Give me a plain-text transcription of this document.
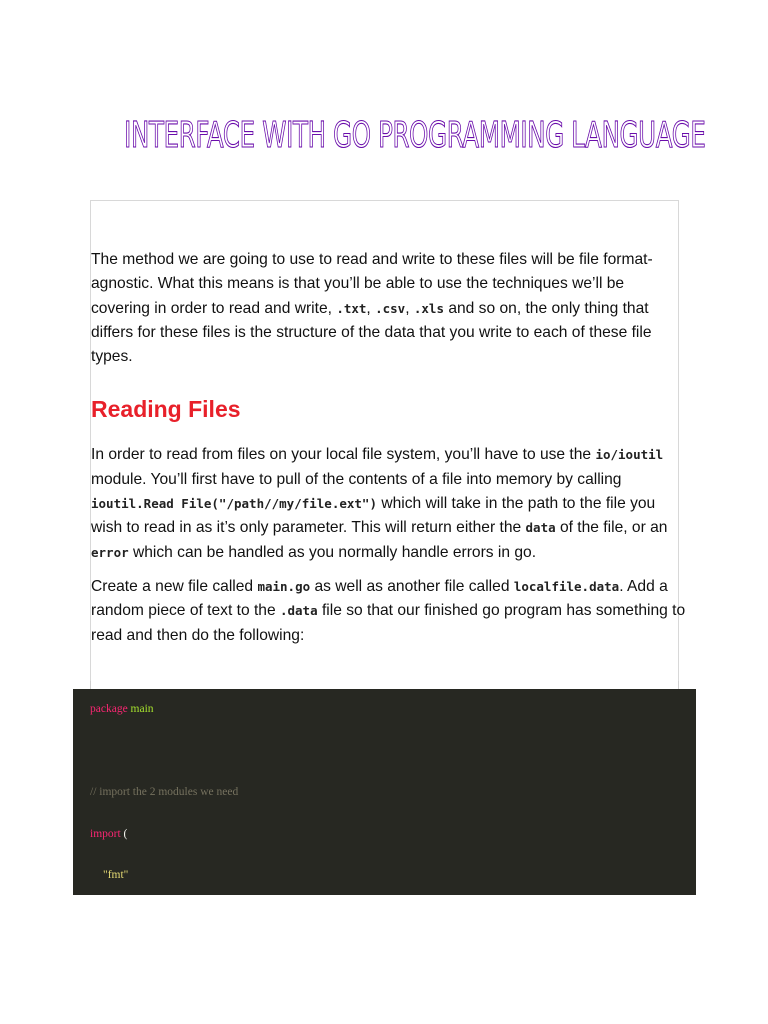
INTERFACE WITH GO PROGRAMMING LANGUAGE

The method we are going to use to read and write to these files will be file format-agnostic. What this means is that you’ll be able to use the techniques we’ll be covering in order to read and write, .txt, .csv, .xls and so on, the only thing that differs for these files is the structure of the data that you write to each of these file types.

Reading Files

In order to read from files on your local file system, you’ll have to use the io/ioutil module. You’ll first have to pull of the contents of a file into memory by calling ioutil.Read File("/path//my/file.ext") which will take in the path to the file you wish to read in as it’s only parameter. This will return either the data of the file, or an error which can be handled as you normally handle errors in go.

Create a new file called main.go as well as another file called localfile.data. Add a random piece of text to the .data file so that our finished go program has something to read and then do the following:

package main
// import the 2 modules we need
import (
"fmt"
